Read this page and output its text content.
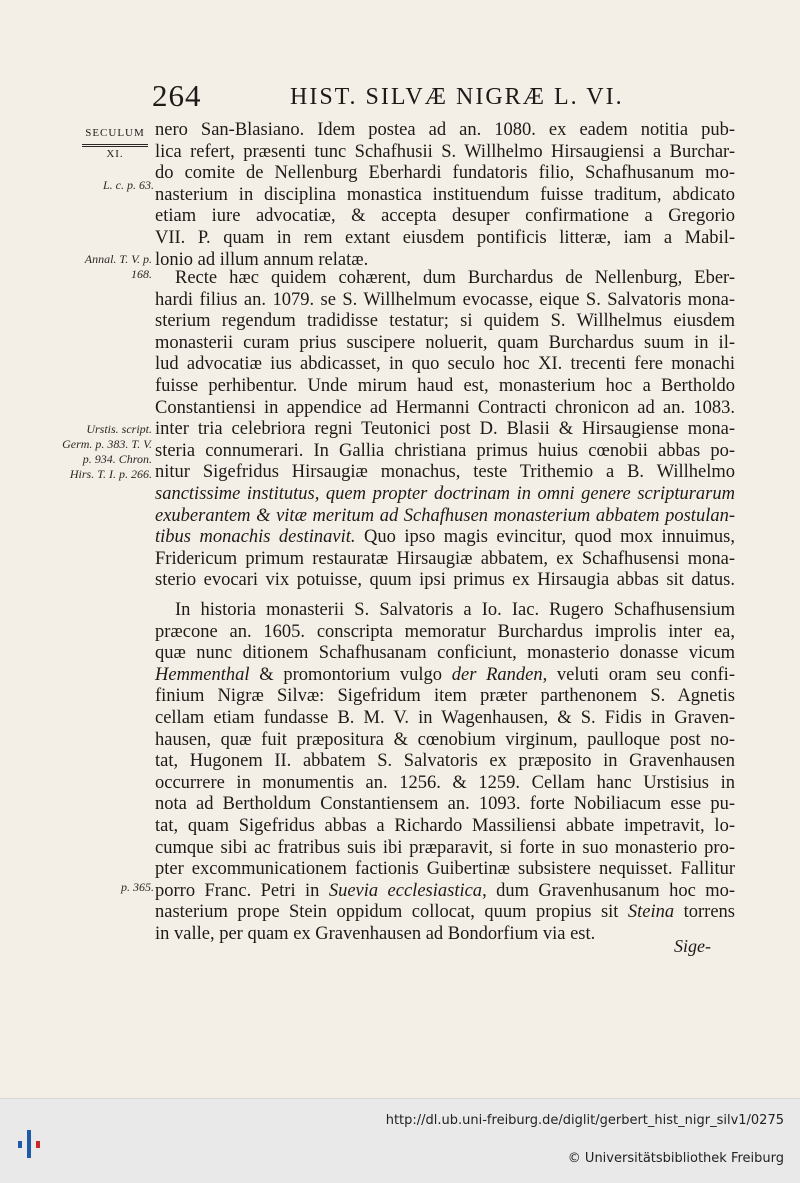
264	HIST. SILVÆ NIGRÆ L. VI.
SECULUM
XI.
L. c. p. 63.
Annal. T. V. p. 168.
Urstis. script. Germ. p. 383. T. V. p. 934. Chron. Hirs. T. I. p. 266.
p. 365.
nero San-Blasiano. Idem postea ad an. 1080. ex eadem notitia pub-
lica refert, præsenti tunc Schafhusii S. Willhelmo Hirsaugiensi a Burchar-
do comite de Nellenburg Eberhardi fundatoris filio, Schafhusanum mo-
nasterium in disciplina monastica instituendum fuisse traditum, abdicato
etiam iure advocatiæ, & accepta desuper confirmatione a Gregorio
VII. P. quam in rem extant eiusdem pontificis litteræ, iam a Mabil-
lonio ad illum annum relatæ.
Recte hæc quidem cohærent, dum Burchardus de Nellenburg, Eber-
hardi filius an. 1079. se S. Willhelmum evocasse, eique S. Salvatoris mona-
sterium regendum tradidisse testatur; si quidem S. Willhelmus eiusdem
monasterii curam prius suscipere noluerit, quam Burchardus suum in il-
lud advocatiæ ius abdicasset, in quo seculo hoc XI. trecenti fere monachi
fuisse perhibentur. Unde mirum haud est, monasterium hoc a Bertholdo
Constantiensi in appendice ad Hermanni Contracti chronicon ad an. 1083.
inter tria celebriora regni Teutonici post D. Blasii & Hirsaugiense mona-
steria connumerari. In Gallia christiana primus huius cœnobii abbas po-
nitur Sigefridus Hirsaugiæ monachus, teste Trithemio a B. Willhelmo
sanctissime institutus, quem propter doctrinam in omni genere scripturarum
exuberantem & vitæ meritum ad Schafhusen monasterium abbatem postulan-
tibus monachis destinavit. Quo ipso magis evincitur, quod mox innuimus,
Fridericum primum restauratæ Hirsaugiæ abbatem, ex Schafhusensi mona-
sterio evocari vix potuisse, quum ipsi primus ex Hirsaugia abbas sit datus.
In historia monasterii S. Salvatoris a Io. Iac. Rugero Schafhusensium
præcone an. 1605. conscripta memoratur Burchardus improlis inter ea,
quæ nunc ditionem Schafhusanam conficiunt, monasterio donasse vicum
Hemmenthal & promontorium vulgo der Randen, veluti oram seu confi-
finium Nigræ Silvæ: Sigefridum item præter parthenonem S. Agnetis
cellam etiam fundasse B. M. V. in Wagenhausen, & S. Fidis in Graven-
hausen, quæ fuit præpositura & cœnobium virginum, paulloque post no-
tat, Hugonem II. abbatem S. Salvatoris ex præposito in Gravenhausen
occurrere in monumentis an. 1256. & 1259. Cellam hanc Urstisius in
nota ad Bertholdum Constantiensem an. 1093. forte Nobiliacum esse pu-
tat, quam Sigefridus abbas a Richardo Massiliensi abbate impetravit, lo-
cumque sibi ac fratribus suis ibi præparavit, si forte in suo monasterio pro-
pter excommunicationem factionis Guibertinæ subsistere nequisset. Fallitur
porro Franc. Petri in Suevia ecclesiastica, dum Gravenhusanum hoc mo-
nasterium prope Stein oppidum collocat, quum propius sit Steina torrens
in valle, per quam ex Gravenhausen ad Bondorfium via est.
Sige-
http://dl.ub.uni-freiburg.de/diglit/gerbert_hist_nigr_silv1/0275
© Universitätsbibliothek Freiburg
